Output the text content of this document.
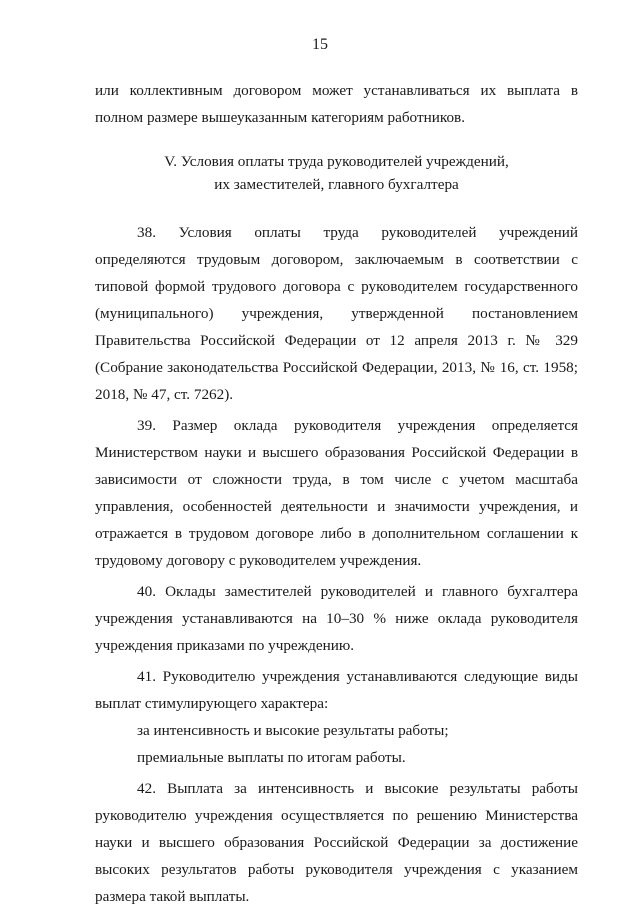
15

или коллективным договором может устанавливаться их выплата в полном размере вышеуказанным категориям работников.

V. Условия оплаты труда руководителей учреждений,
их заместителей, главного бухгалтера

38. Условия оплаты труда руководителей учреждений определяются трудовым договором, заключаемым в соответствии с типовой формой трудового договора с руководителем государственного (муниципального) учреждения, утвержденной постановлением Правительства Российской Федерации от 12 апреля 2013 г. № 329 (Собрание законодательства Российской Федерации, 2013, № 16, ст. 1958; 2018, № 47, ст. 7262).

39. Размер оклада руководителя учреждения определяется Министерством науки и высшего образования Российской Федерации в зависимости от сложности труда, в том числе с учетом масштаба управления, особенностей деятельности и значимости учреждения, и отражается в трудовом договоре либо в дополнительном соглашении к трудовому договору с руководителем учреждения.

40. Оклады заместителей руководителей и главного бухгалтера учреждения устанавливаются на 10–30 % ниже оклада руководителя учреждения приказами по учреждению.

41. Руководителю учреждения устанавливаются следующие виды выплат стимулирующего характера:

за интенсивность и высокие результаты работы;

премиальные выплаты по итогам работы.

42. Выплата за интенсивность и высокие результаты работы руководителю учреждения осуществляется по решению Министерства науки и высшего образования Российской Федерации за достижение высоких результатов работы руководителя учреждения с указанием размера такой выплаты.
